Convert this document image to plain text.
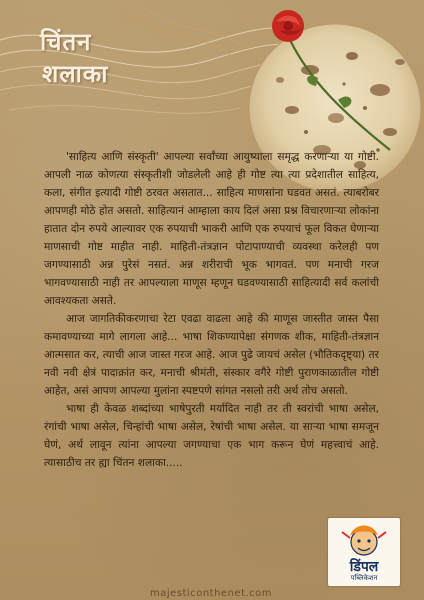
चिंतन
शलाका

'साहित्य आणि संस्कृती' आपल्या सर्वांच्या आयुष्याला समृद्ध करणाऱ्या या गोष्टी. आपली नाळ कोणत्या संस्कृतीशी जोडलेली आहे ही गोष्ट त्या त्या प्रदेशातील साहित्य, कला, संगीत इत्यादी गोष्टी ठरवत असतात... साहित्य माणसांना घडवत असतं. त्याबरोबर आपणही मोठे होत असतो. साहित्यानं आम्हाला काय दिलं असा प्रश्न विचारणाऱ्या लोकांना हातात दोन रुपये आल्यावर एक रुपयाची भाकरी आणि एक रुपयाचं फूल विकत घेणाऱ्या माणसाची गोष्ट माहीत नाही. माहिती-तंत्रज्ञान पोटापाण्याची व्यवस्था करेलही पण जगण्यासाठी अन्न पुरेसं नसतं. अन्न शरीराची भूक भागवतं. पण मनाची गरज भागवण्यासाठी नाही तर आपल्याला माणूस म्हणून घडवण्यासाठी साहित्यादी सर्व कलांची आवश्यकता असते.

आज जागतिकीकरणाचा रेटा एवढा वाढला आहे की माणूस जास्तीत जास्त पैसा कमावण्याच्या मागे लागला आहे... भाषा शिकण्यापेक्षा संगणक शीक, माहिती-तंत्रज्ञान आत्मसात कर, त्याची आज जास्त गरज आहे. आज पुढे जायचं असेल (भौतिकदृष्ट्या) तर नवी नवी क्षेत्रं पादाक्रांत कर, मनाची श्रीमंती, संस्कार वगैरे गोष्टी पुराणकाळातील गोष्टी आहेत, असं आपण आपल्या मुलांना स्पष्टपणे सांगत नसलो तरी अर्थ तोच असतो.

भाषा ही केवळ शब्दांच्या भाषेपुरती मर्यादित नाही तर ती स्वरांची भाषा असेल, रंगांची भाषा असेल, चिन्हांची भाषा असेल, रेषांची भाषा असेल. या साऱ्या भाषा समजून घेणं, अर्थ लावून त्यांना आपल्या जगण्याचा एक भाग करून घेणं महत्त्वाचं आहे. त्यासाठीच तर ह्या चिंतन शलाका.....

डिंपल
पब्लिकेशन
majesticonthenet.com
